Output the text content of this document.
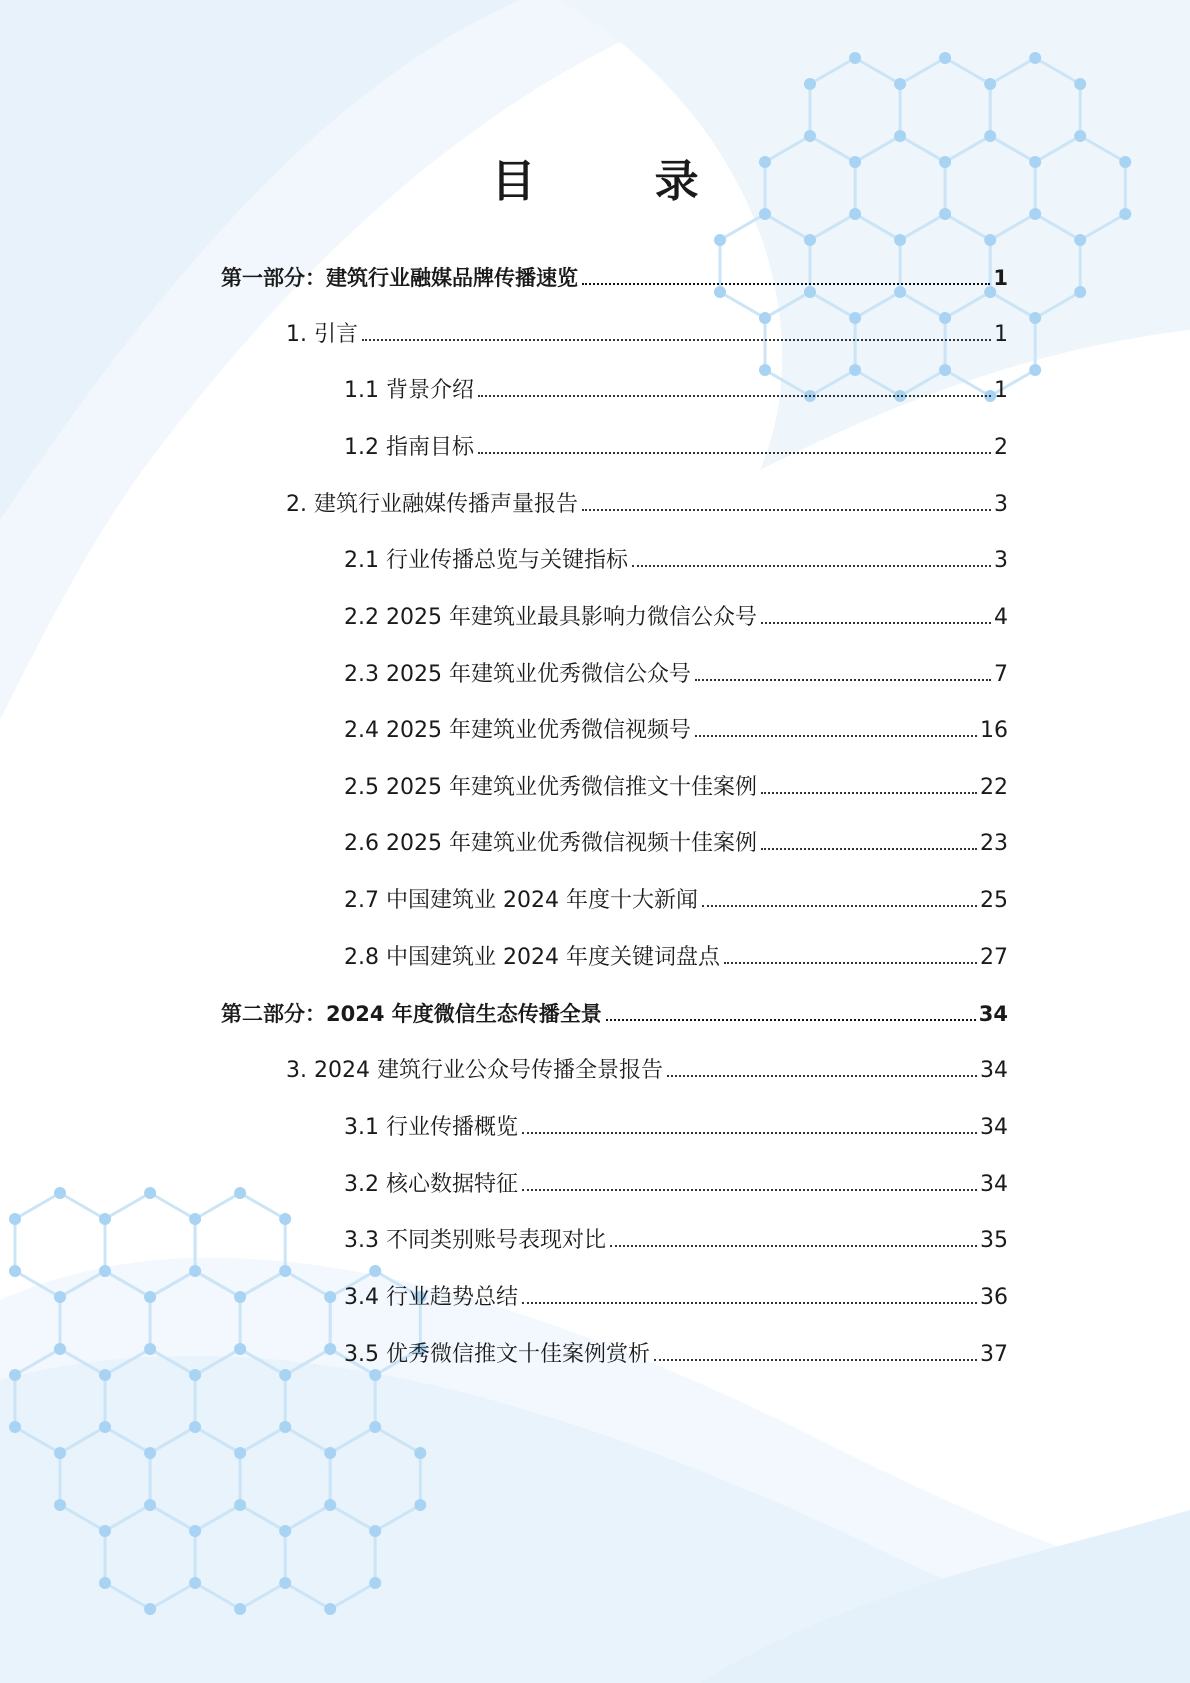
目 录
第一部分：建筑行业融媒品牌传播速览	1
1. 引言	1
1.1 背景介绍	1
1.2 指南目标	2
2. 建筑行业融媒传播声量报告	3
2.1 行业传播总览与关键指标	3
2.2 2025 年建筑业最具影响力微信公众号	4
2.3 2025 年建筑业优秀微信公众号	7
2.4 2025 年建筑业优秀微信视频号	16
2.5 2025 年建筑业优秀微信推文十佳案例	22
2.6 2025 年建筑业优秀微信视频十佳案例	23
2.7 中国建筑业 2024 年度十大新闻	25
2.8 中国建筑业 2024 年度关键词盘点	27
第二部分：2024 年度微信生态传播全景	34
3. 2024 建筑行业公众号传播全景报告	34
3.1 行业传播概览	34
3.2 核心数据特征	34
3.3 不同类别账号表现对比	35
3.4 行业趋势总结	36
3.5 优秀微信推文十佳案例赏析	37
